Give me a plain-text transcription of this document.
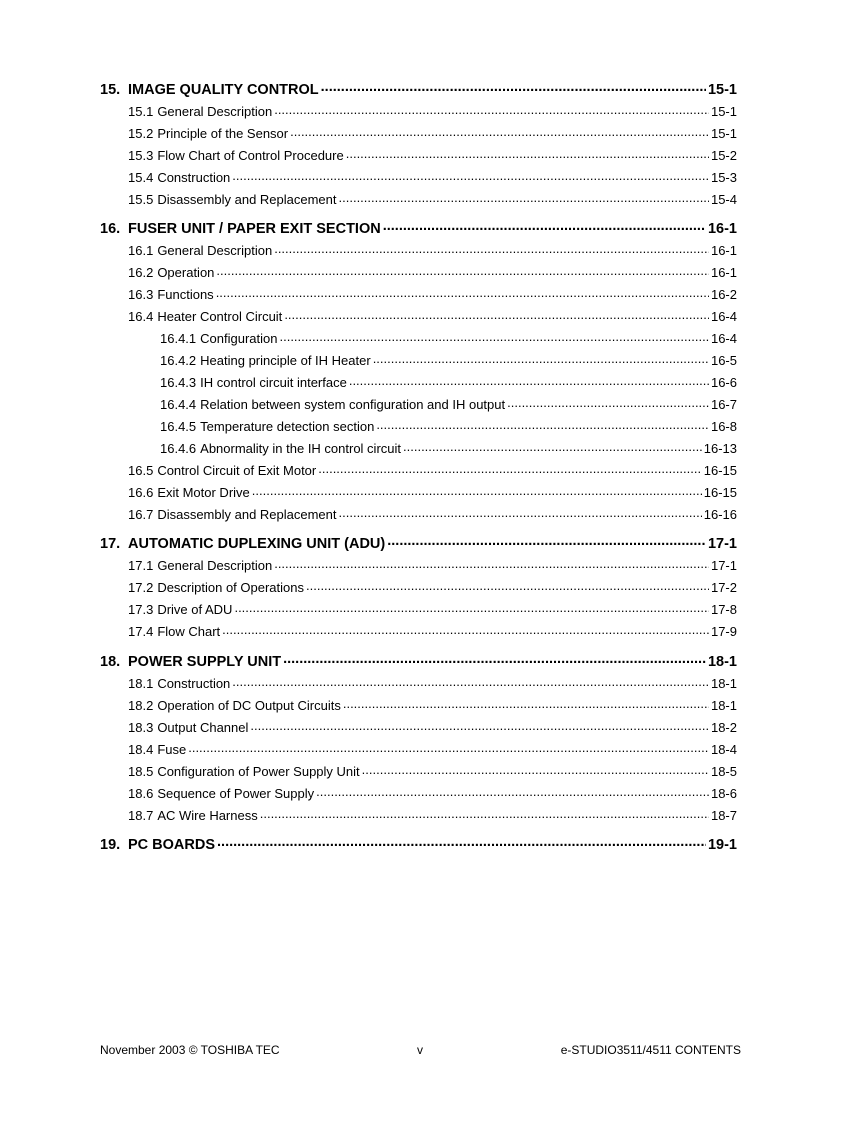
15. IMAGE QUALITY CONTROL .....	15-1
15.1 General Description .....	15-1
15.2 Principle of the Sensor .....	15-1
15.3 Flow Chart of Control Procedure .....	15-2
15.4 Construction .....	15-3
15.5 Disassembly and Replacement .....	15-4
16. FUSER UNIT / PAPER EXIT SECTION .....	16-1
16.1 General Description .....	16-1
16.2 Operation .....	16-1
16.3 Functions .....	16-2
16.4 Heater Control Circuit .....	16-4
16.4.1 Configuration .....	16-4
16.4.2 Heating principle of IH Heater .....	16-5
16.4.3 IH control circuit interface .....	16-6
16.4.4 Relation between system configuration and IH output .....	16-7
16.4.5 Temperature detection section .....	16-8
16.4.6 Abnormality in the IH control circuit .....	16-13
16.5 Control Circuit of Exit Motor .....	16-15
16.6 Exit Motor Drive .....	16-15
16.7 Disassembly and Replacement .....	16-16
17. AUTOMATIC DUPLEXING UNIT (ADU) .....	17-1
17.1 General Description .....	17-1
17.2 Description of Operations .....	17-2
17.3 Drive of ADU .....	17-8
17.4 Flow Chart .....	17-9
18. POWER SUPPLY UNIT .....	18-1
18.1 Construction .....	18-1
18.2 Operation of DC Output Circuits .....	18-1
18.3 Output Channel .....	18-2
18.4 Fuse .....	18-4
18.5 Configuration of Power Supply Unit .....	18-5
18.6 Sequence of Power Supply .....	18-6
18.7 AC Wire Harness .....	18-7
19. PC BOARDS .....	19-1
November 2003 © TOSHIBA TEC	v	e-STUDIO3511/4511 CONTENTS
